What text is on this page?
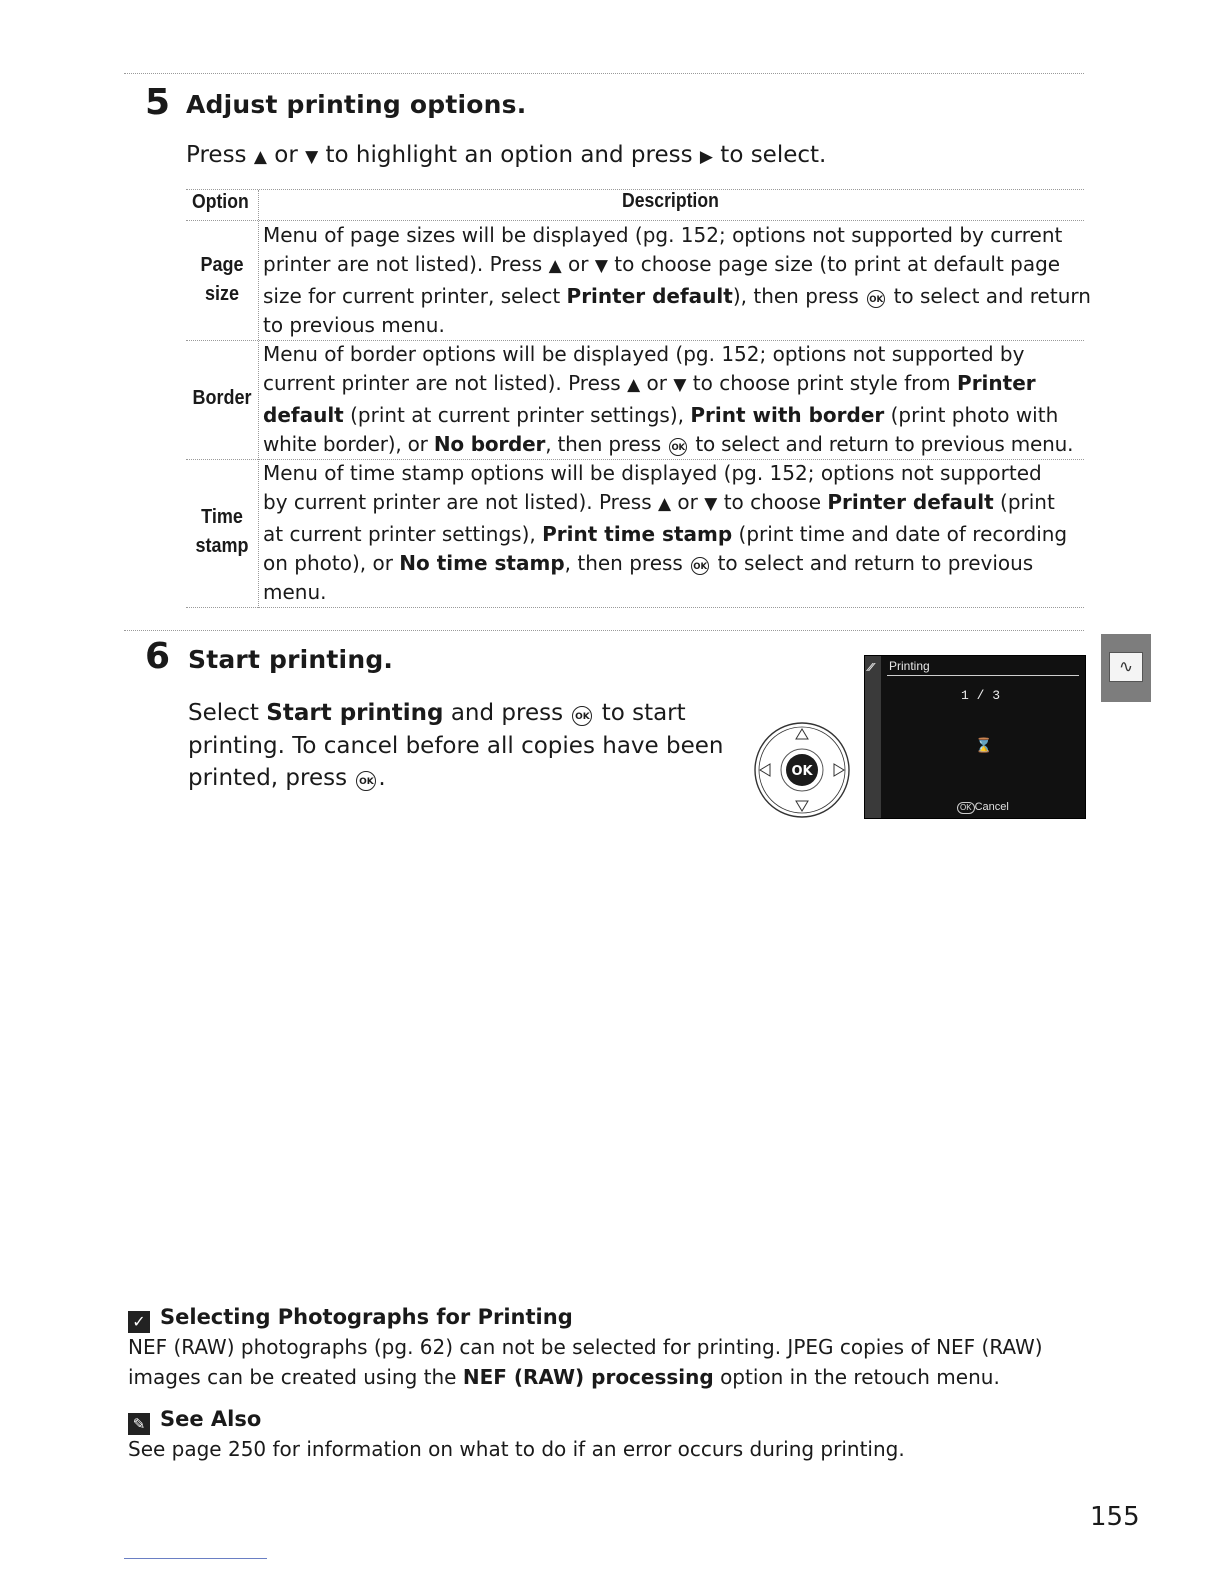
5 Adjust printing options.
Press ▲ or ▼ to highlight an option and press ▶ to select.
Option	Description
Page
size
Menu of page sizes will be displayed (pg. 152; options not supported by current
printer are not listed). Press ▲ or ▼ to choose page size (to print at default page
size for current printer, select Printer default), then press OK to select and return
to previous menu.
Border
Menu of border options will be displayed (pg. 152; options not supported by
current printer are not listed). Press ▲ or ▼ to choose print style from Printer
default (print at current printer settings), Print with border (print photo with
white border), or No border, then press OK to select and return to previous menu.
Time
stamp
Menu of time stamp options will be displayed (pg. 152; options not supported
by current printer are not listed). Press ▲ or ▼ to choose Printer default (print
at current printer settings), Print time stamp (print time and date of recording
on photo), or No time stamp, then press OK to select and return to previous
menu.
6 Start printing.
Select Start printing and press OK to start
printing. To cancel before all copies have been
printed, press OK .	OK
⁄⁄ Printing
1 / 3
⌛
OK Cancel
∿
✓ Selecting Photographs for Printing
NEF (RAW) photographs (pg. 62) can not be selected for printing. JPEG copies of NEF (RAW)
images can be created using the NEF (RAW) processing option in the retouch menu.
✎ See Also
See page 250 for information on what to do if an error occurs during printing.
155
